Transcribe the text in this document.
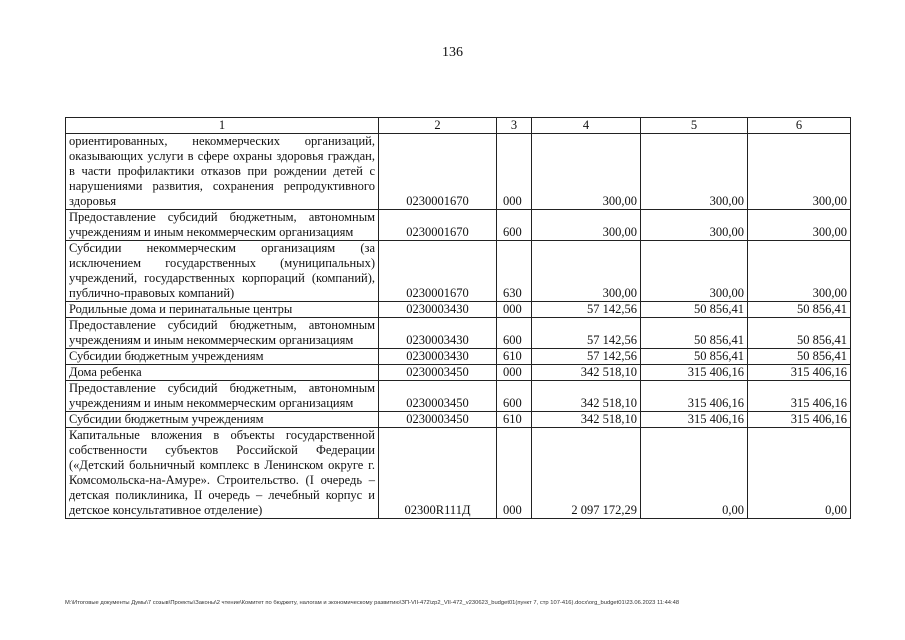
136
1	2	3	4	5	6
ориентированных, некоммерческих организаций, оказывающих услуги в сфере охраны здоровья граждан, в части профилактики отказов при рождении детей с нарушениями развития, сохранения репродуктивного здоровья	0230001670	000	300,00	300,00	300,00
Предоставление субсидий бюджетным, автономным учреждениям и иным некоммерческим организациям	0230001670	600	300,00	300,00	300,00
Субсидии некоммерческим организациям (за исключением государственных (муниципальных) учреждений, государственных корпораций (компаний), публично-правовых компаний)	0230001670	630	300,00	300,00	300,00
Родильные дома и перинатальные центры	0230003430	000	57 142,56	50 856,41	50 856,41
Предоставление субсидий бюджетным, автономным учреждениям и иным некоммерческим организациям	0230003430	600	57 142,56	50 856,41	50 856,41
Субсидии бюджетным учреждениям	0230003430	610	57 142,56	50 856,41	50 856,41
Дома ребенка	0230003450	000	342 518,10	315 406,16	315 406,16
Предоставление субсидий бюджетным, автономным учреждениям и иным некоммерческим организациям	0230003450	600	342 518,10	315 406,16	315 406,16
Субсидии бюджетным учреждениям	0230003450	610	342 518,10	315 406,16	315 406,16
Капитальные вложения в объекты государственной собственности субъектов Российской Федерации («Детский больничный комплекс в Ленинском округе г. Комсомольска-на-Амуре». Строительство. (I очередь – детская поликлиника, II очередь – лечебный корпус и детское консультативное отделение)	02300R111Д	000	2 097 172,29	0,00	0,00
M:\Итоговые документы Думы\7 созыв\Проекты\Законы\2 чтение\Комитет по бюджету, налогам и экономическому развитию\ЗП-VII-472\zp2_VII-472_v230623_budget01(пункт 7, стр 107-416).docx\org_budget01\23.06.2023 11:44:48
